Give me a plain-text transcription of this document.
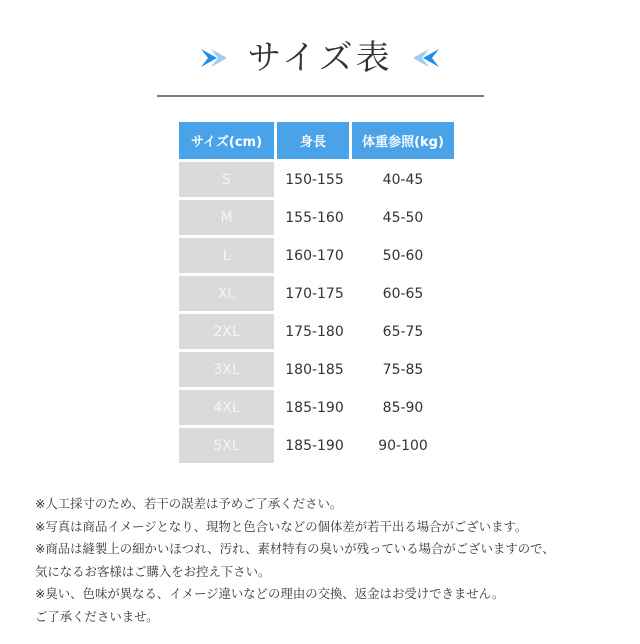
サイズ表
サイズ(cm)	身長	体重参照(kg)
S	150-155	40-45
M	155-160	45-50
L	160-170	50-60
XL	170-175	60-65
2XL	175-180	65-75
3XL	180-185	75-85
4XL	185-190	85-90
5XL	185-190	90-100
※人工採寸のため、若干の誤差は予めご了承ください。
※写真は商品イメージとなり、現物と色合いなどの個体差が若干出る場合がございます。
※商品は縫製上の細かいほつれ、汚れ、素材特有の臭いが残っている場合がございますので、
気になるお客様はご購入をお控え下さい。
※臭い、色味が異なる、イメージ違いなどの理由の交換、返金はお受けできません。
ご了承くださいませ。
